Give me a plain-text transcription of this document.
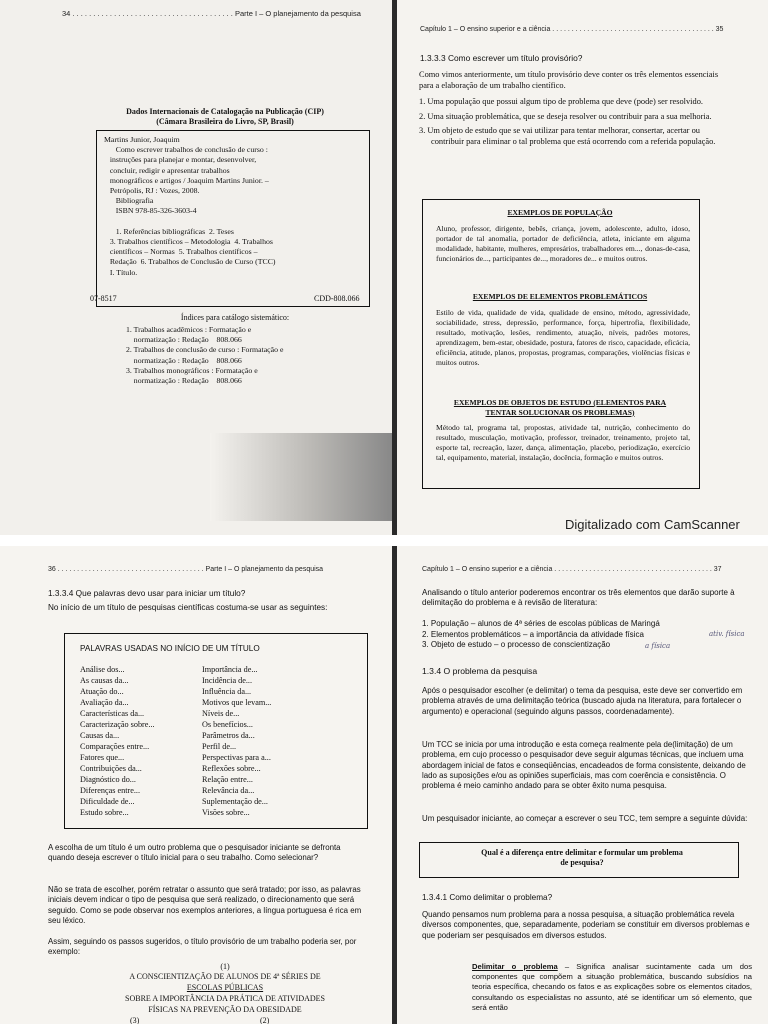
34 . . . . . . . . . . . . . . . . . . . . . . . . . . . . . . . . . . . . . . . Parte I – O planejamento da pesquisa
Dados Internacionais de Catalogação na Publicação (CIP)
(Câmara Brasileira do Livro, SP, Brasil)
Martins Junior, Joaquim
Como escrever trabalhos de conclusão de curso :
instruções para planejar e montar, desenvolver,
concluir, redigir e apresentar trabalhos
monográficos e artigos / Joaquim Martins Junior. –
Petrópolis, RJ : Vozes, 2008.
Bibliografia
ISBN 978-85-326-3603-4

1. Referências bibliográficas  2. Teses
3. Trabalhos científicos – Metodologia  4. Trabalhos
científicos – Normas  5. Trabalhos científicos –
Redação  6. Trabalhos de Conclusão de Curso (TCC)
I. Título.
07-8517	CDD-808.066
Índices para catálogo sistemático:
1. Trabalhos acadêmicos : Formatação e
normatização : Redação    808.066
2. Trabalhos de conclusão de curso : Formatação e
normatização : Redação    808.066
3. Trabalhos monográficos : Formatação e
normatização : Redação    808.066
Capítulo 1 – O ensino superior e a ciência . . . . . . . . . . . . . . . . . . . . . . . . . . . . . . . . . . . . . . . . . . 35
1.3.3.3 Como escrever um título provisório?
Como vimos anteriormente, um título provisório deve conter os três elementos essenciais para a elaboração de um trabalho científico.
1. Uma população que possui algum tipo de problema que deve (pode) ser resolvido.
2. Uma situação problemática, que se deseja resolver ou contribuir para a sua melhoria.
3. Um objeto de estudo que se vai utilizar para tentar melhorar, consertar, acertar ou contribuir para eliminar o tal problema que está ocorrendo com a referida população.
EXEMPLOS DE POPULAÇÃO
Aluno, professor, dirigente, bebês, criança, jovem, adolescente, adulto, idoso, portador de tal anomalia, portador de deficiência, atleta, iniciante em alguma modalidade, habitante, mulheres, empresários, trabalhadores em..., donas-de-casa, funcionários de..., participantes de..., moradores de... e muitos outros.
EXEMPLOS DE ELEMENTOS PROBLEMÁTICOS
Estilo de vida, qualidade de vida, qualidade de ensino, método, agressividade, sociabilidade, stress, depressão, performance, força, hipertrofia, flexibilidade, resultado, motivação, lesões, rendimento, atuação, níveis, padrões motores, aprendizagem, bem-estar, obesidade, postura, fatores de risco, capacidade, eficácia, eficiência, atitude, planos, propostas, programas, comparações, violências físicas e muitos outros.
EXEMPLOS DE OBJETOS DE ESTUDO (ELEMENTOS PARA TENTAR SOLUCIONAR OS PROBLEMAS)
Método tal, programa tal, propostas, atividade tal, nutrição, conhecimento do resultado, musculação, motivação, professor, treinador, treinamento, projeto tal, esporte tal, recreação, lazer, dança, alimentação, placebo, periodização, exercício tal, equipamento, material, instalação, docência, formação e muitos outros.
Digitalizado com CamScanner
36 . . . . . . . . . . . . . . . . . . . . . . . . . . . . . . . . . . . . . . Parte I – O planejamento da pesquisa
1.3.3.4 Que palavras devo usar para iniciar um título?
No início de um título de pesquisas científicas costuma-se usar as seguintes:
PALAVRAS USADAS NO INÍCIO DE UM TÍTULO
Análise dos...
As causas da...
Atuação do...
Avaliação da...
Características da...
Caracterização sobre...
Causas da...
Comparações entre...
Fatores que...
Contribuições da...
Diagnóstico do...
Diferenças entre...
Dificuldade de...
Estudo sobre...
Importância de...
Incidência de...
Influência da...
Motivos que levam...
Níveis de...
Os benefícios...
Parâmetros da...
Perfil de...
Perspectivas para a...
Reflexões sobre...
Relação entre...
Relevância da...
Suplementação de...
Visões sobre...
A escolha de um título é um outro problema que o pesquisador iniciante se defronta quando deseja escrever o título inicial para o seu trabalho. Como selecionar?
Não se trata de escolher, porém retratar o assunto que será tratado; por isso, as palavras iniciais devem indicar o tipo de pesquisa que será realizado, o direcionamento que será seguido. Como se pode observar nos exemplos anteriores, a língua portuguesa é rica em seu léxico.
Assim, seguindo os passos sugeridos, o título provisório de um trabalho poderia ser, por exemplo:
(1)
A CONSCIENTIZAÇÃO DE ALUNOS DE 4ª SÉRIES DE
ESCOLAS PÚBLICAS
SOBRE A IMPORTÂNCIA DA PRÁTICA DE ATIVIDADES
FÍSICAS NA PREVENÇÃO DA OBESIDADE
(3)	(2)
Capítulo 1 – O ensino superior e a ciência . . . . . . . . . . . . . . . . . . . . . . . . . . . . . . . . . . . . . . . . . 37
Analisando o título anterior poderemos encontrar os três elementos que darão suporte à delimitação do problema e à revisão de literatura:
1. População – alunos de 4ª séries de escolas públicas de Maringá
2. Elementos problemáticos – a importância da atividade física
3. Objeto de estudo – o processo de conscientização
ativ. física
a física
1.3.4 O problema da pesquisa
Após o pesquisador escolher (e delimitar) o tema da pesquisa, este deve ser convertido em problema através de uma delimitação teórica (buscado ajuda na literatura, para fortalecer o argumento) e operacional (seguindo alguns passos, coordenadamente).
Um TCC se inicia por uma introdução e esta começa realmente pela de(limitação) de um problema, em cujo processo o pesquisador deve seguir algumas técnicas, que incluem uma abordagem inicial de fatos e conseqüências, encadeados de forma consistente, deixando de lado as suposições e/ou as opiniões superficiais, mas com coerência e consistência. O problema é meio caminho andado para se obter êxito numa pesquisa.
Um pesquisador iniciante, ao começar a escrever o seu TCC, tem sempre a seguinte dúvida:
Qual é a diferença entre delimitar e formular um problema de pesquisa?
1.3.4.1 Como delimitar o problema?
Quando pensamos num problema para a nossa pesquisa, a situação problemática revela diversos componentes, que, separadamente, poderiam se constituir em diversos problemas e que poderiam ser pesquisados em diversos estudos.
Delimitar o problema – Significa analisar sucintamente cada um dos componentes que compõem a situação problemática, buscando subsídios na teoria específica, checando os fatos e as explicações sobre os elementos citados, consultando os especialistas no assunto, até se identificar um só elemento, que será então
